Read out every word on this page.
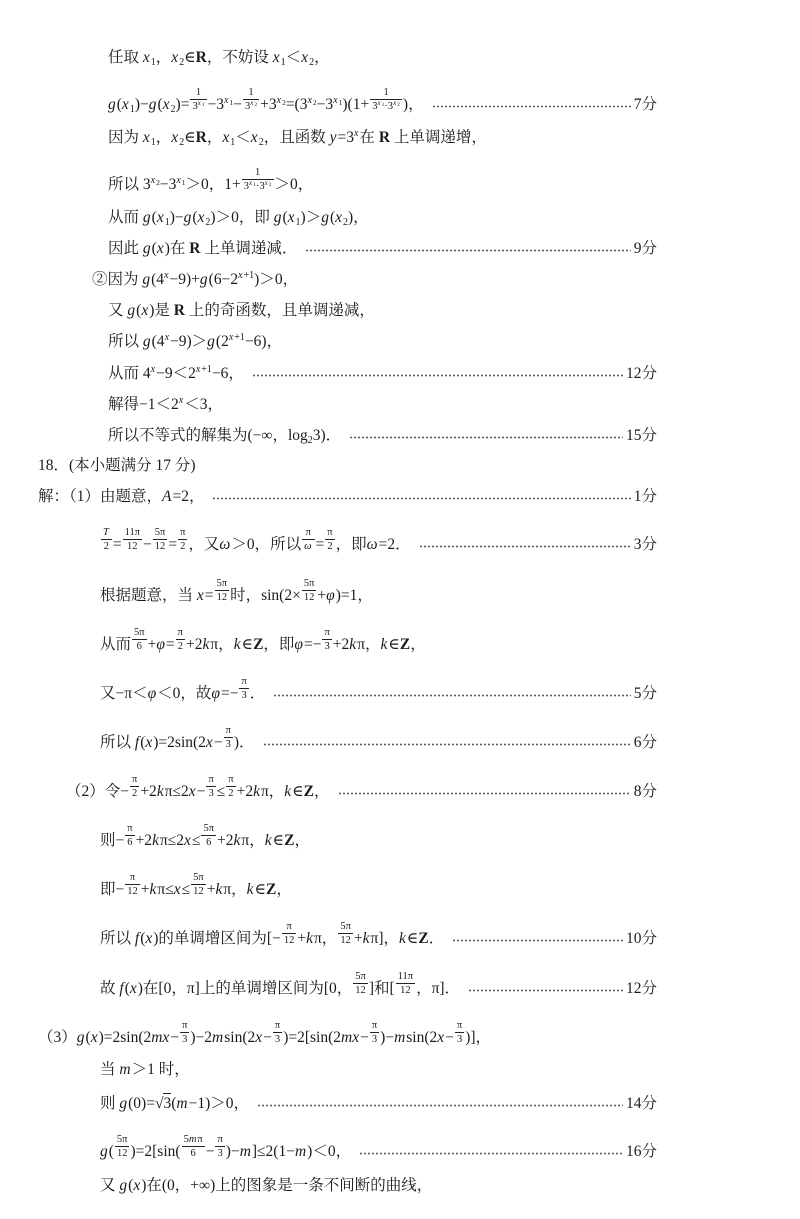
任取 $x_1$，$x_2\in R$，不妨设 $x_1<x_2$，
$g(x_1)-g(x_2)= \frac{1}{3^{x1}} -3^{x_1}- \frac{1}{3^{x2}} +3^{x_2}=(3^{x_2}-3^{x_1})(1+ \frac{1}{3^{x1}\cdot 3^{x2}}$ )，	7分
因为 $x_1$，$x_2\in R$，$x_1<x_2$，且函数 $y=3^x$在 R 上单调递增，
所以 $3^{x_2}-3^{x_1}>0$，$1+ \frac{1}{3^{x1}\cdot 3^{x2}} >0$，
从而 $g(x_1)-g(x_2)>0$，即 $g(x_1)>g(x_2)$，
因此 g(x)在 R 上单调递减．	9分
②因为 $g(4^x-9)+g(6-2^{x+1})>0$，
又 g(x)是 R 上的奇函数，且单调递减，
所以 $g(4^x-9)>g(2^{x+1}-6)$，
从而 $4^x-9<2^{x+1}-6$，	12分
解得$-1<2^x<3$，
所以不等式的解集为(−∞，$\log_23$)．	15分
18．(本小题满分 17 分)
解：（1）由题意，A=2，	1分
$\frac{T}{2} = \frac{11\pi}{12} - \frac{5\pi}{12} = \frac{\pi}{2}$ ，又ω＞0，所以 $\frac{\pi}{\omega} = \frac{\pi}{2}$ ，即ω=2．	3分
根据题意，当 $x= \frac{5\pi}{12}$ 时，$\sin(2\times \frac{5\pi}{12} +\varphi)=1$，
从而 $\frac{5\pi}{6} +\varphi= \frac{\pi}{2} +2k\pi$，k∈Z，即$\varphi=- \frac{\pi}{3} +2k\pi$，k∈Z，
又−π＜φ＜0，故$\varphi=- \frac{\pi}{3}$ ．	5分
所以 $f(x)=2\sin(2x- \frac{\pi}{3}$ )．	6分
（2）令− $\frac{\pi}{2} +2k\pi\le 2x- \frac{\pi}{3} \le \frac{\pi}{2} +2k\pi$，k∈Z，	8分
则− $\frac{\pi}{6} +2k\pi\le 2x\le \frac{5\pi}{6} +2k\pi$，k∈Z，
即− $\frac{\pi}{12} +k\pi\le x\le \frac{5\pi}{12} +k\pi$，k∈Z，
所以 f(x)的单调增区间为[− $\frac{\pi}{12} +k\pi$， $\frac{5\pi}{12} +k\pi$]，k∈Z．	10分
故 f(x)在[0，π]上的单调增区间为[0， $\frac{5\pi}{12}$ ]和[ $\frac{11\pi}{12}$ ，π]．	12分
$(3)g(x)=2\sin(2mx- \frac{\pi}{3} )-2msin(2x- \frac{\pi}{3} )=2[\sin(2mx- \frac{\pi}{3} )-msin(2x- \frac{\pi}{3}$ )]，
当 m＞1 时，
则 g(0)=√3(m−1)＞0，	14分
$g( \frac{5\pi}{12} )=2[\sin( \frac{5m\pi}{6} - \frac{\pi}{3} )-m]\le 2(1-m)<0$，	16分
又 g(x)在(0，+∞)上的图象是一条不间断的曲线，
